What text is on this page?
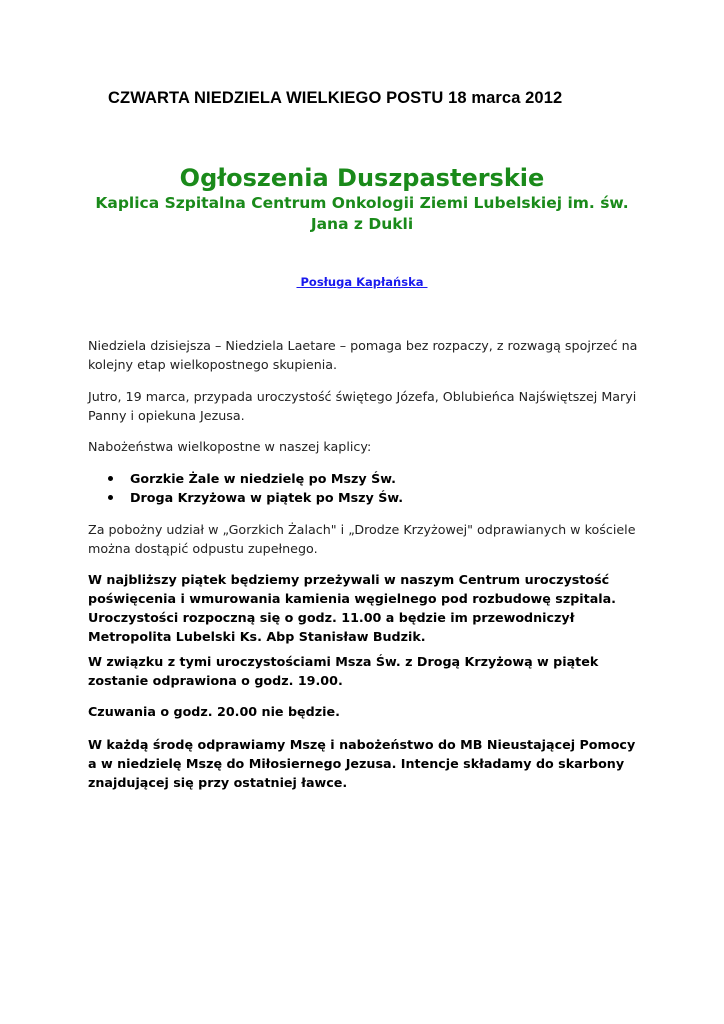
CZWARTA NIEDZIELA WIELKIEGO POSTU 18 marca 2012
Ogłoszenia Duszpasterskie
Kaplica Szpitalna Centrum Onkologii Ziemi Lubelskiej im. św. Jana z Dukli
Posługa Kapłańska
Niedziela dzisiejsza – Niedziela Laetare – pomaga bez rozpaczy, z rozwagą spojrzeć na kolejny etap wielkopostnego skupienia.
Jutro, 19 marca, przypada uroczystość świętego Józefa, Oblubieńca Najświętszej Maryi Panny i opiekuna Jezusa.
Nabożeństwa wielkopostne w naszej kaplicy:
Gorzkie Żale w niedzielę po Mszy Św.
Droga Krzyżowa w piątek po Mszy Św.
Za pobożny udział w „Gorzkich Żalach" i „Drodze Krzyżowej" odprawianych w kościele można dostąpić odpustu zupełnego.
W najbliższy piątek będziemy przeżywali w naszym Centrum uroczystość poświęcenia i wmurowania kamienia węgielnego pod rozbudowę szpitala. Uroczystości rozpoczną się o godz. 11.00 a będzie im przewodniczył Metropolita Lubelski Ks. Abp Stanisław Budzik.
W związku z tymi uroczystościami Msza Św. z Drogą Krzyżową w piątek zostanie odprawiona o godz. 19.00.
Czuwania o godz. 20.00 nie będzie.
W każdą środę odprawiamy Mszę i nabożeństwo do MB Nieustającej Pomocy a w niedzielę Mszę do Miłosiernego Jezusa. Intencje składamy do skarbony znajdującej się przy ostatniej ławce.
